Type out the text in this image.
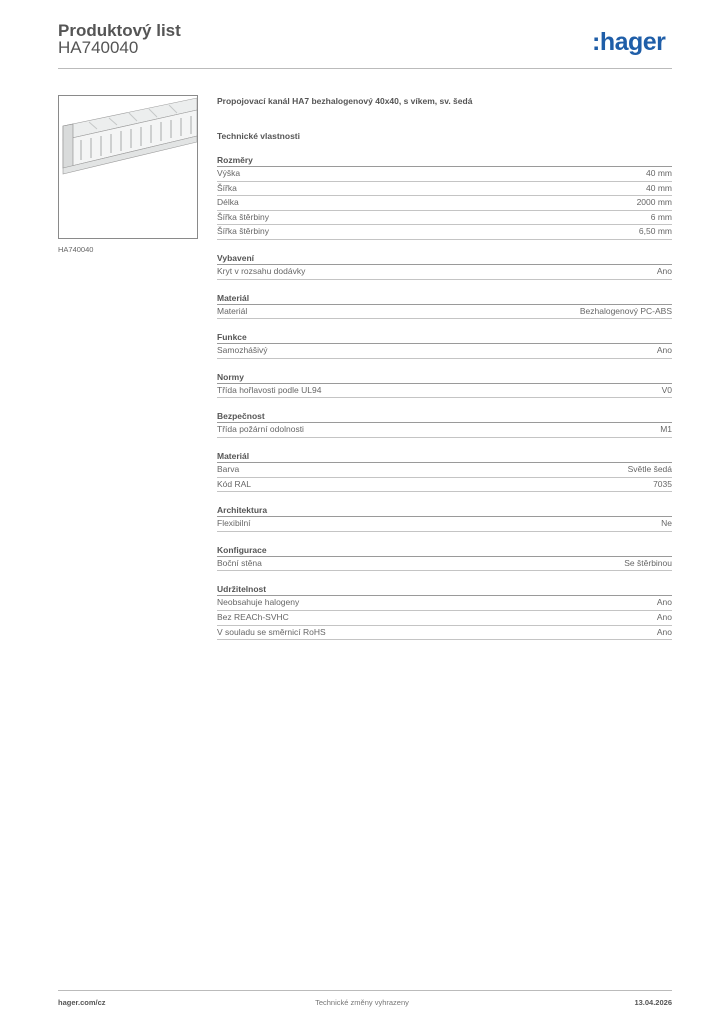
Produktový list
HA740040	:hager
HA740040
Propojovací kanál HA7 bezhalogenový 40x40, s víkem, sv. šedá
Technické vlastnosti
Rozměry
Výška	40 mm
Šířka	40 mm
Délka	2000 mm
Šířka štěrbiny	6 mm
Šířka štěrbiny	6,50 mm
Vybavení
Kryt v rozsahu dodávky	Ano
Materiál
Materiál	Bezhalogenový PC-ABS
Funkce
Samozhášivý	Ano
Normy
Třída hořlavosti podle UL94	V0
Bezpečnost
Třída požární odolnosti	M1
Materiál
Barva	Světle šedá
Kód RAL	7035
Architektura
Flexibilní	Ne
Konfigurace
Boční stěna	Se štěrbinou
Udržitelnost
Neobsahuje halogeny	Ano
Bez REACh-SVHC	Ano
V souladu se směrnicí RoHS	Ano
hager.com/cz	Technické změny vyhrazeny	13.04.2026
